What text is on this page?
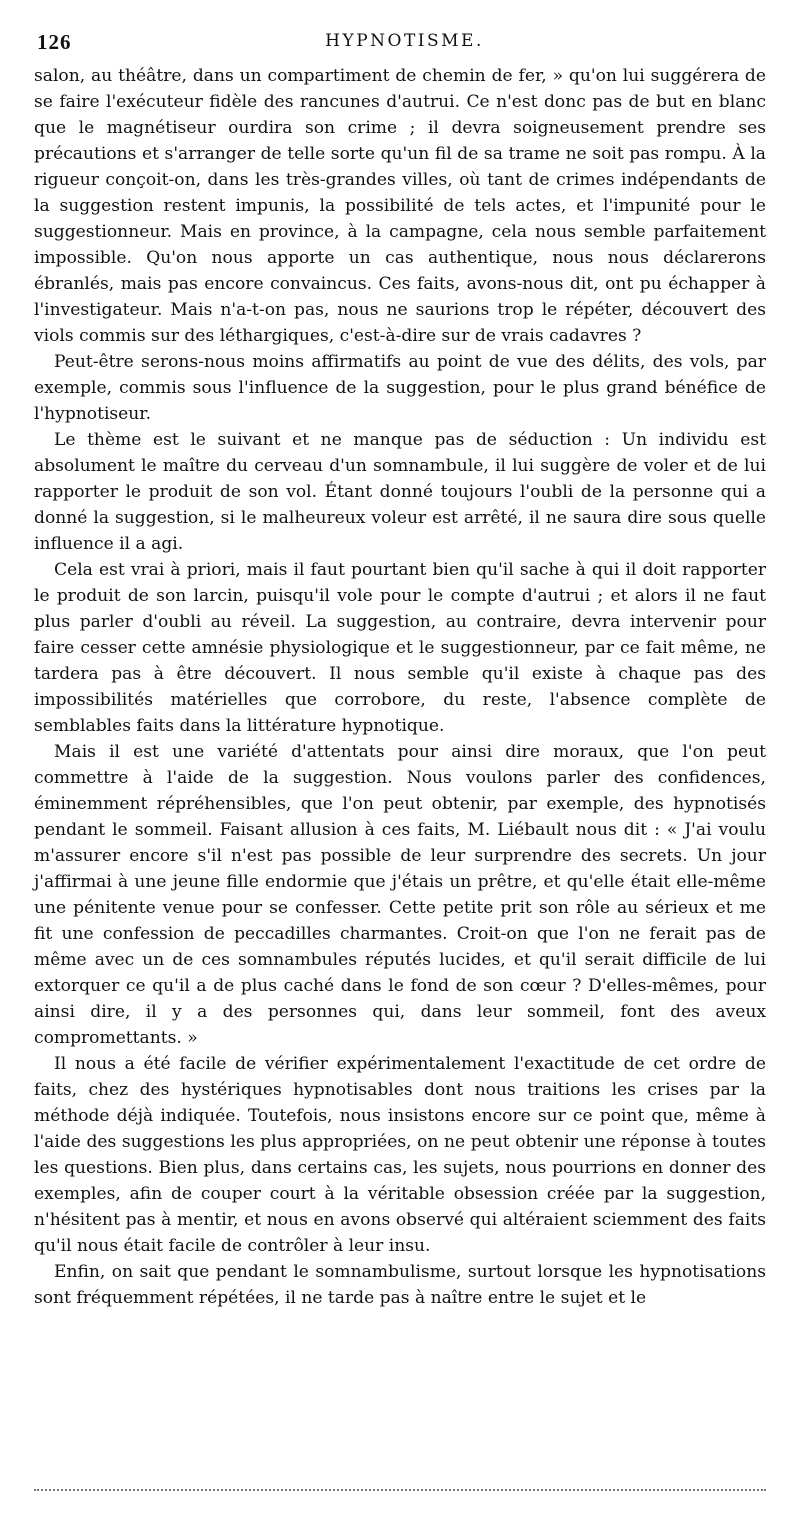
126	HYPNOTISME.

salon, au théâtre, dans un compartiment de chemin de fer, » qu'on lui suggérera de se faire l'exécuteur fidèle des rancunes d'autrui. Ce n'est donc pas de but en blanc que le magnétiseur ourdira son crime ; il devra soigneusement prendre ses précautions et s'arranger de telle sorte qu'un fil de sa trame ne soit pas rompu. À la rigueur conçoit-on, dans les très-grandes villes, où tant de crimes indépendants de la suggestion restent impunis, la possibilité de tels actes, et l'impunité pour le suggestionneur. Mais en province, à la campagne, cela nous semble parfaitement impossible. Qu'on nous apporte un cas authentique, nous nous déclarerons ébranlés, mais pas encore convaincus. Ces faits, avons-nous dit, ont pu échapper à l'investigateur. Mais n'a-t-on pas, nous ne saurions trop le répéter, découvert des viols commis sur des léthargiques, c'est-à-dire sur de vrais cadavres ?

Peut-être serons-nous moins affirmatifs au point de vue des délits, des vols, par exemple, commis sous l'influence de la suggestion, pour le plus grand bénéfice de l'hypnotiseur.

Le thème est le suivant et ne manque pas de séduction : Un individu est absolument le maître du cerveau d'un somnambule, il lui suggère de voler et de lui rapporter le produit de son vol. Étant donné toujours l'oubli de la personne qui a donné la suggestion, si le malheureux voleur est arrêté, il ne saura dire sous quelle influence il a agi.

Cela est vrai à priori, mais il faut pourtant bien qu'il sache à qui il doit rapporter le produit de son larcin, puisqu'il vole pour le compte d'autrui ; et alors il ne faut plus parler d'oubli au réveil. La suggestion, au contraire, devra intervenir pour faire cesser cette amnésie physiologique et le suggestionneur, par ce fait même, ne tardera pas à être découvert. Il nous semble qu'il existe à chaque pas des impossibilités matérielles que corrobore, du reste, l'absence complète de semblables faits dans la littérature hypnotique.

Mais il est une variété d'attentats pour ainsi dire moraux, que l'on peut commettre à l'aide de la suggestion. Nous voulons parler des confidences, éminemment répréhensibles, que l'on peut obtenir, par exemple, des hypnotisés pendant le sommeil. Faisant allusion à ces faits, M. Liébault nous dit : « J'ai voulu m'assurer encore s'il n'est pas possible de leur surprendre des secrets. Un jour j'affirmai à une jeune fille endormie que j'étais un prêtre, et qu'elle était elle-même une pénitente venue pour se confesser. Cette petite prit son rôle au sérieux et me fit une confession de peccadilles charmantes. Croit-on que l'on ne ferait pas de même avec un de ces somnambules réputés lucides, et qu'il serait difficile de lui extorquer ce qu'il a de plus caché dans le fond de son cœur ? D'elles-mêmes, pour ainsi dire, il y a des personnes qui, dans leur sommeil, font des aveux compromettants. »

Il nous a été facile de vérifier expérimentalement l'exactitude de cet ordre de faits, chez des hystériques hypnotisables dont nous traitions les crises par la méthode déjà indiquée. Toutefois, nous insistons encore sur ce point que, même à l'aide des suggestions les plus appropriées, on ne peut obtenir une réponse à toutes les questions. Bien plus, dans certains cas, les sujets, nous pourrions en donner des exemples, afin de couper court à la véritable obsession créée par la suggestion, n'hésitent pas à mentir, et nous en avons observé qui altéraient sciemment des faits qu'il nous était facile de contrôler à leur insu.

Enfin, on sait que pendant le somnambulisme, surtout lorsque les hypnotisations sont fréquemment répétées, il ne tarde pas à naître entre le sujet et le
